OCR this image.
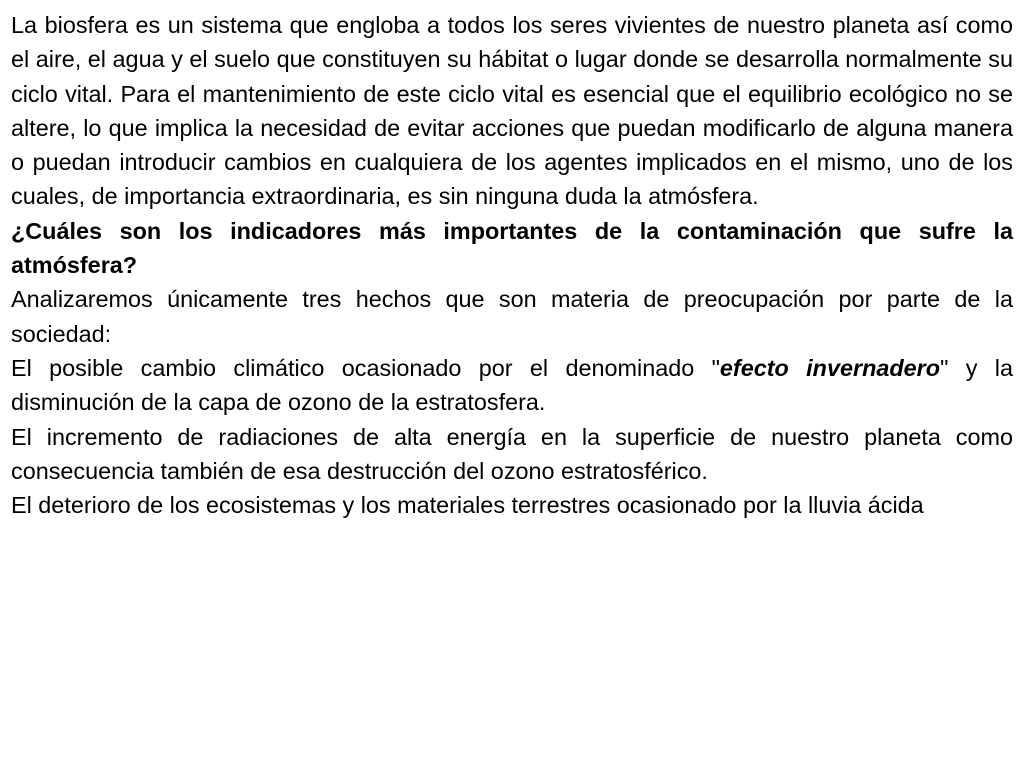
La biosfera es un sistema que engloba a todos los seres vivientes de nuestro planeta así como el aire, el agua y el suelo que constituyen su hábitat o lugar donde se desarrolla normalmente su ciclo vital. Para el mantenimiento de este ciclo vital es esencial que el equilibrio ecológico no se altere, lo que implica la necesidad de evitar acciones que puedan modificarlo de alguna manera o puedan introducir cambios en cualquiera de los agentes implicados en el mismo, uno de los cuales, de importancia extraordinaria, es sin ninguna duda la atmósfera.

¿Cuáles son los indicadores más importantes de la contaminación que sufre la atmósfera?

Analizaremos únicamente tres hechos que son materia de preocupación por parte de la sociedad:

El posible cambio climático ocasionado por el denominado "efecto invernadero" y la disminución de la capa de ozono de la estratosfera.

El incremento de radiaciones de alta energía en la superficie de nuestro planeta como consecuencia también de esa destrucción del ozono estratosférico.

El deterioro de los ecosistemas y los materiales terrestres ocasionado por la lluvia ácida
